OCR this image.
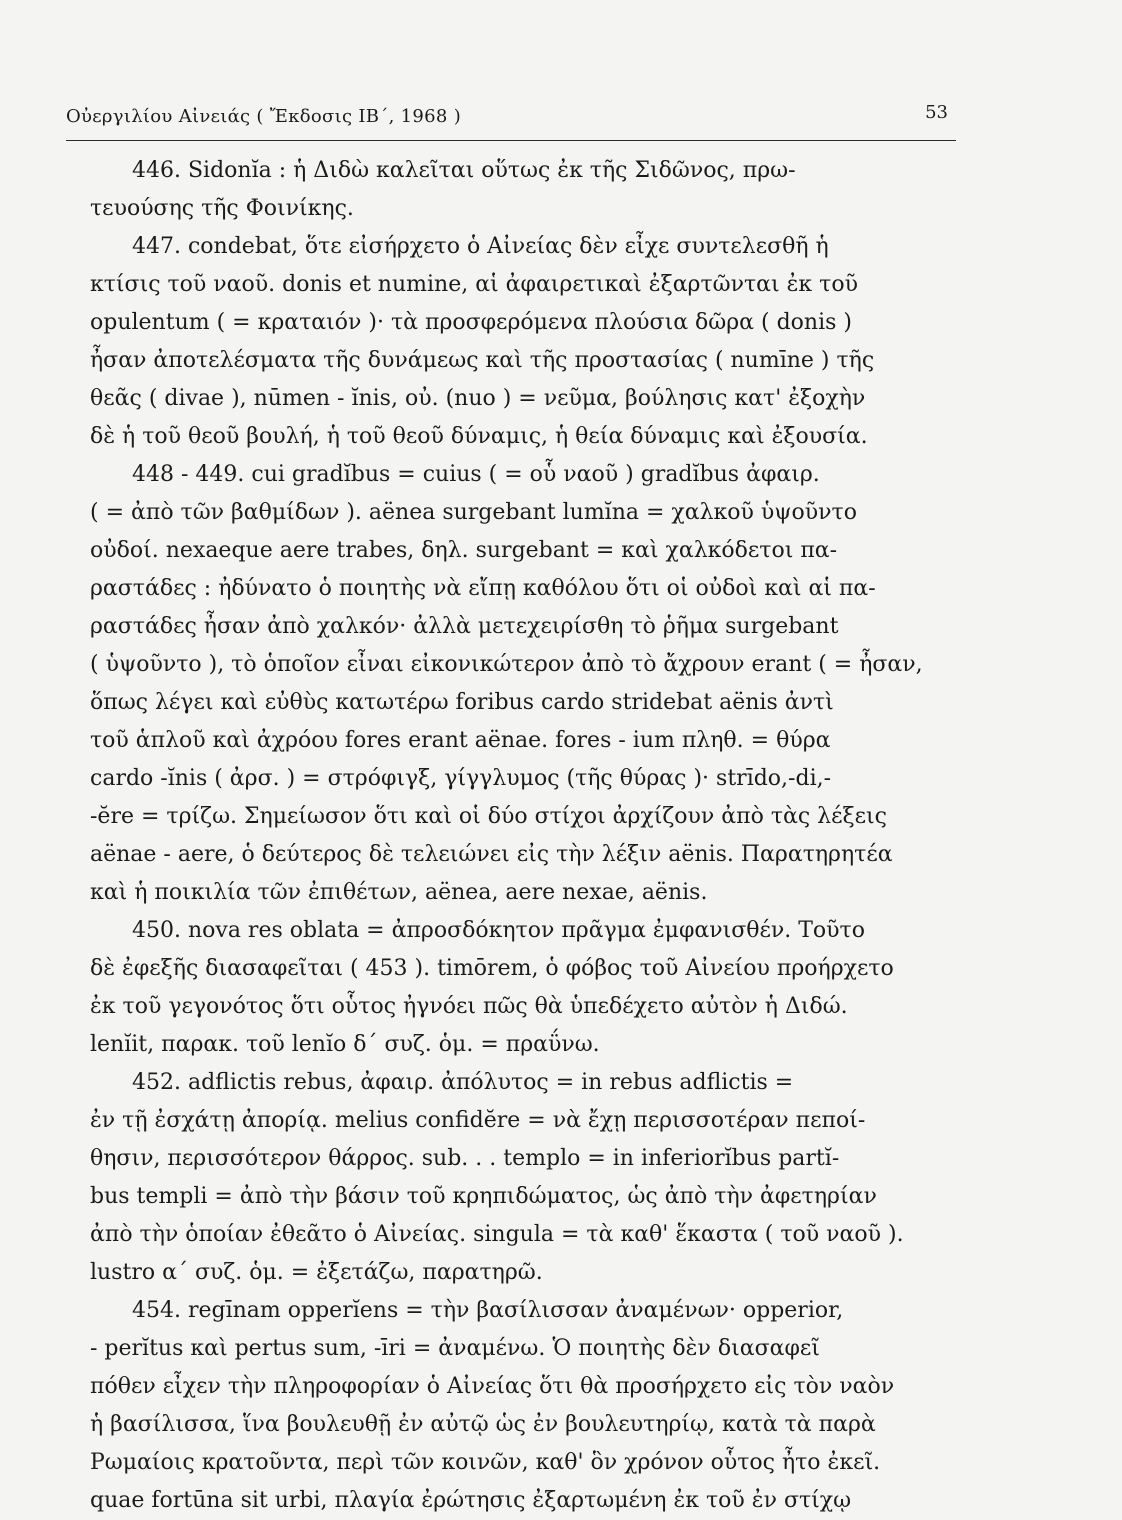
Οὐεργιλίου Αἰνειάς ( Ἔκδοσις ΙΒ΄, 1968 )	53
446. Sidonĭa : ἡ Διδὼ καλεῖται οὕτως ἐκ τῆς Σιδῶνος, πρω-
τευούσης τῆς Φοινίκης.
447. condebat, ὅτε εἰσήρχετο ὁ Αἰνείας δὲν εἶχε συντελεσθῆ ἡ
κτίσις τοῦ ναοῦ. donis et numine, αἱ ἀφαιρετικαὶ ἐξαρτῶνται ἐκ τοῦ
opulentum ( = κραταιόν )· τὰ προσφερόμενα πλούσια δῶρα ( donis )
ἦσαν ἀποτελέσματα τῆς δυνάμεως καὶ τῆς προστασίας ( numīne ) τῆς
θεᾶς ( divae ), nūmen - ĭnis, οὐ. (nuo ) = νεῦμα, βούλησις κατ' ἐξοχὴν
δὲ ἡ τοῦ θεοῦ βουλή, ἡ τοῦ θεοῦ δύναμις, ἡ θεία δύναμις καὶ ἐξουσία.
448 - 449. cui gradĭbus = cuius ( = οὗ ναοῦ ) gradĭbus ἀφαιρ.
( = ἀπὸ τῶν βαθμίδων ). aënea surgebant lumĭna = χαλκοῦ ὑψοῦντο
οὐδοί. nexaeque aere trabes, δηλ. surgebant = καὶ χαλκόδετοι πα-
ραστάδες : ἠδύνατο ὁ ποιητὴς νὰ εἴπῃ καθόλου ὅτι οἱ οὐδοὶ καὶ αἱ πα-
ραστάδες ἦσαν ἀπὸ χαλκόν· ἀλλὰ μετεχειρίσθη τὸ ῥῆμα surgebant
( ὑψοῦντο ), τὸ ὁποῖον εἶναι εἰκονικώτερον ἀπὸ τὸ ἄχρουν erant ( = ἦσαν,
ὅπως λέγει καὶ εὐθὺς κατωτέρω foribus cardo stridebat aënis ἀντὶ
τοῦ ἁπλοῦ καὶ ἀχρόου fores erant aënae. fores - ium πληθ. = θύρα
cardo -ĭnis ( ἀρσ. ) = στρόφιγξ, γίγγλυμος (τῆς θύρας )· strīdo,-di,-
-ĕre = τρίζω. Σημείωσον ὅτι καὶ οἱ δύο στίχοι ἀρχίζουν ἀπὸ τὰς λέξεις
aënae - aere, ὁ δεύτερος δὲ τελειώνει εἰς τὴν λέξιν aënis. Παρατηρητέα
καὶ ἡ ποικιλία τῶν ἐπιθέτων, aënea, aere nexae, aënis.
450. nova res oblata = ἀπροσδόκητον πρᾶγμα ἐμφανισθέν. Τοῦτο
δὲ ἐφεξῆς διασαφεῖται ( 453 ). timōrem, ὁ φόβος τοῦ Αἰνείου προήρχετο
ἐκ τοῦ γεγονότος ὅτι οὗτος ἠγνόει πῶς θὰ ὑπεδέχετο αὐτὸν ἡ Διδώ.
lenĭit, παρακ. τοῦ lenĭo δ΄ συζ. ὁμ. = πραΰνω.
452. adflictis rebus, ἀφαιρ. ἀπόλυτος = in rebus adflictis =
ἐν τῇ ἐσχάτῃ ἀπορίᾳ. melius confidĕre = νὰ ἔχῃ περισσοτέραν πεποί-
θησιν, περισσότερον θάρρος. sub. . . templo = in inferiorĭbus partĭ-
bus templi = ἀπὸ τὴν βάσιν τοῦ κρηπιδώματος, ὡς ἀπὸ τὴν ἀφετηρίαν
ἀπὸ τὴν ὁποίαν ἐθεᾶτο ὁ Αἰνείας. singula = τὰ καθ' ἕκαστα ( τοῦ ναοῦ ).
lustro α΄ συζ. ὁμ. = ἐξετάζω, παρατηρῶ.
454. regīnam opperĭens = τὴν βασίλισσαν ἀναμένων· opperior,
- perĭtus καὶ pertus sum, -īri = ἀναμένω. Ὁ ποιητὴς δὲν διασαφεῖ
πόθεν εἶχεν τὴν πληροφορίαν ὁ Αἰνείας ὅτι θὰ προσήρχετο εἰς τὸν ναὸν
ἡ βασίλισσα, ἵνα βουλευθῇ ἐν αὐτῷ ὡς ἐν βουλευτηρίῳ, κατὰ τὰ παρὰ
Ρωμαίοις κρατοῦντα, περὶ τῶν κοινῶν, καθ' ὃν χρόνον οὗτος ἦτο ἐκεῖ.
quae fortūna sit urbi, πλαγία ἐρώτησις ἐξαρτωμένη ἐκ τοῦ ἐν στίχῳ
